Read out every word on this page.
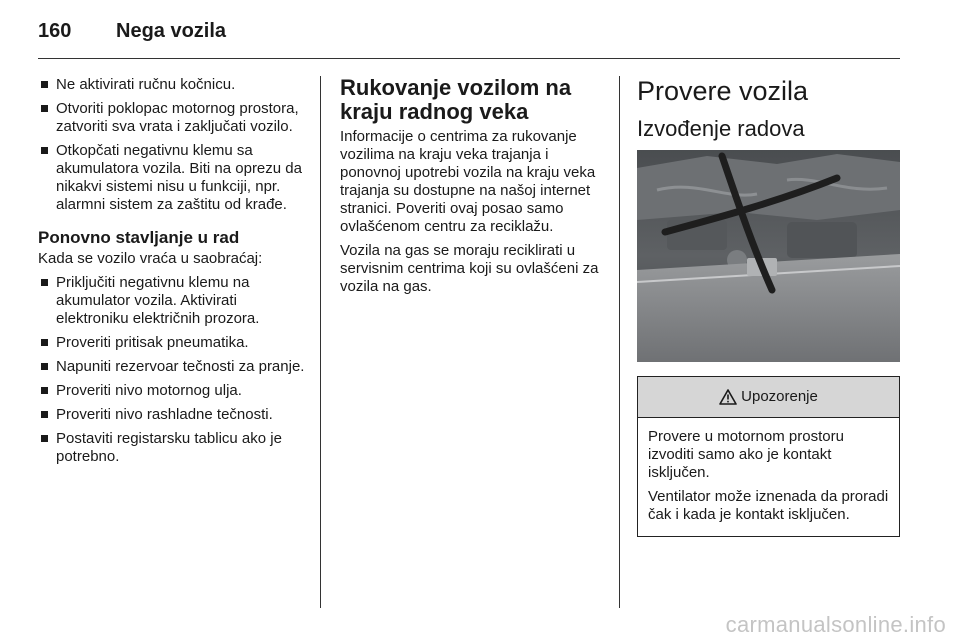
160 Nega vozila
Ne aktivirati ručnu kočnicu.
Otvoriti poklopac motornog prostora, zatvoriti sva vrata i zaključati vozilo.
Otkopčati negativnu klemu sa akumulatora vozila. Biti na oprezu da nikakvi sistemi nisu u funkciji, npr. alarmni sistem za zaštitu od krađe.
Ponovno stavljanje u rad

Kada se vozilo vraća u saobraćaj:

Priključiti negativnu klemu na akumulator vozila. Aktivirati elektroniku električnih prozora.
Proveriti pritisak pneumatika.
Napuniti rezervoar tečnosti za pranje.
Proveriti nivo motornog ulja.
Proveriti nivo rashladne tečnosti.
Postaviti registarsku tablicu ako je potrebno.
Rukovanje vozilom na kraju radnog veka

Informacije o centrima za rukovanje vozilima na kraju veka trajanja i ponovnoj upotrebi vozila na kraju veka trajanja su dostupne na našoj internet stranici. Poveriti ovaj posao samo ovlašćenom centru za reciklažu.

Vozila na gas se moraju reciklirati u servisnim centrima koji su ovlašćeni za vozila na gas.

Provere vozila
Izvođenje radova
Upozorenje

Provere u motornom prostoru izvoditi samo ako je kontakt isključen.

Ventilator može iznenada da proradi čak i kada je kontakt isključen.

carmanualsonline.info
